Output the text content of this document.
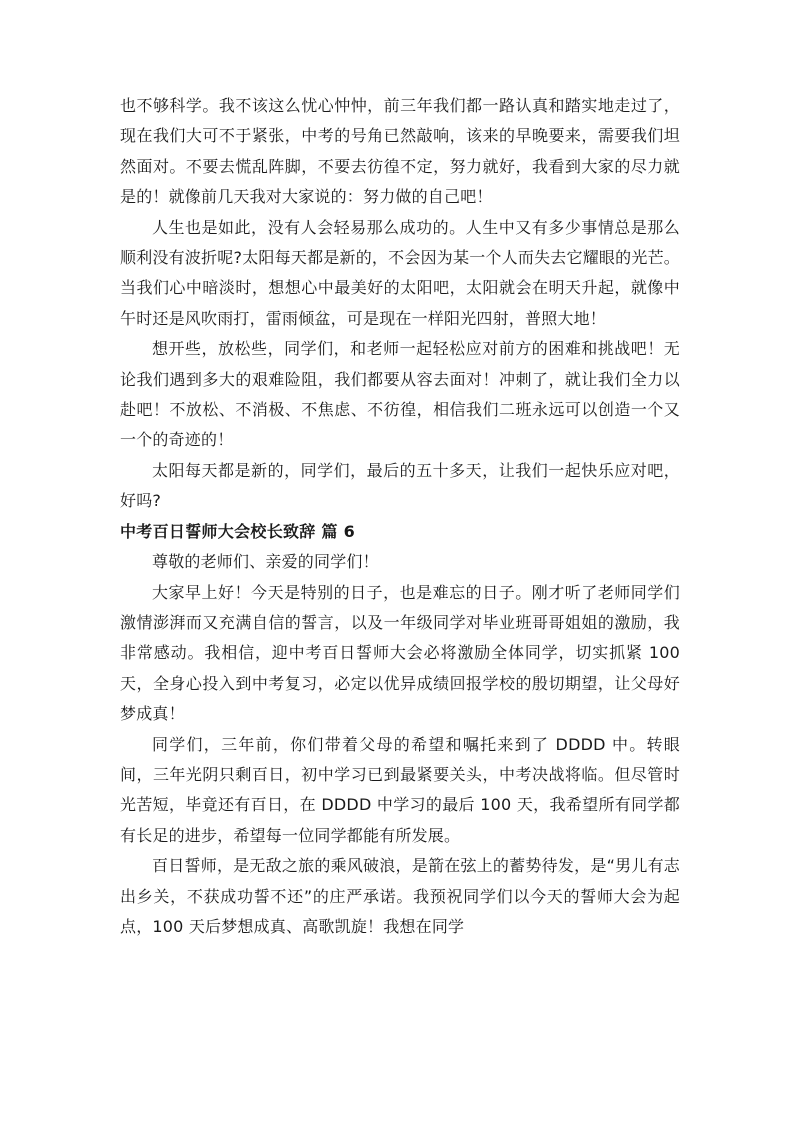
也不够科学。我不该这么忧心忡忡，前三年我们都一路认真和踏实地走过了，现在我们大可不于紧张，中考的号角已然敲响，该来的早晚要来，需要我们坦然面对。不要去慌乱阵脚，不要去彷徨不定，努力就好，我看到大家的尽力就是的！就像前几天我对大家说的：努力做的自己吧！

人生也是如此，没有人会轻易那么成功的。人生中又有多少事情总是那么顺利没有波折呢?太阳每天都是新的，不会因为某一个人而失去它耀眼的光芒。当我们心中暗淡时，想想心中最美好的太阳吧，太阳就会在明天升起，就像中午时还是风吹雨打，雷雨倾盆，可是现在一样阳光四射，普照大地！

想开些，放松些，同学们，和老师一起轻松应对前方的困难和挑战吧！无论我们遇到多大的艰难险阻，我们都要从容去面对！冲刺了，就让我们全力以赴吧！不放松、不消极、不焦虑、不彷徨，相信我们二班永远可以创造一个又一个的奇迹的！

太阳每天都是新的，同学们，最后的五十多天，让我们一起快乐应对吧，好吗?

中考百日誓师大会校长致辞 篇 6

尊敬的老师们、亲爱的同学们！

大家早上好！今天是特别的日子，也是难忘的日子。刚才听了老师同学们激情澎湃而又充满自信的誓言，以及一年级同学对毕业班哥哥姐姐的激励，我非常感动。我相信，迎中考百日誓师大会必将激励全体同学，切实抓紧 100 天，全身心投入到中考复习，必定以优异成绩回报学校的殷切期望，让父母好梦成真！

同学们，三年前，你们带着父母的希望和嘱托来到了 DDDD 中。转眼间，三年光阴只剩百日，初中学习已到最紧要关头，中考决战将临。但尽管时光苦短，毕竟还有百日，在 DDDD 中学习的最后 100 天，我希望所有同学都有长足的进步，希望每一位同学都能有所发展。

百日誓师，是无敌之旅的乘风破浪，是箭在弦上的蓄势待发，是“男儿有志出乡关，不获成功誓不还”的庄严承诺。我预祝同学们以今天的誓师大会为起点，100 天后梦想成真、高歌凯旋！我想在同学
